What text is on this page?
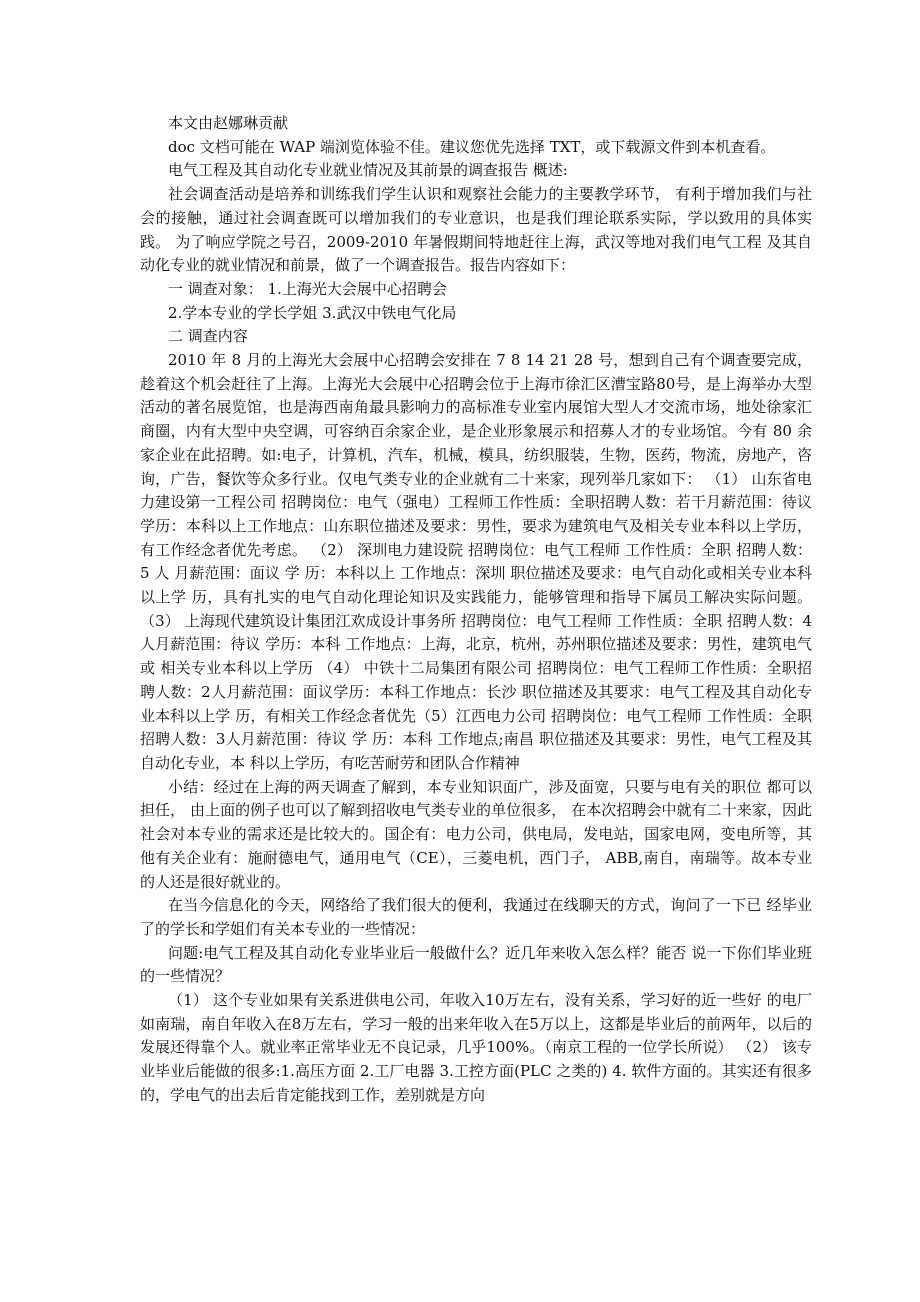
本文由赵娜琳贡献

doc 文档可能在 WAP 端浏览体验不佳。建议您优先选择 TXT，或下载源文件到本机查看。

电气工程及其自动化专业就业情况及其前景的调查报告 概述:

社会调查活动是培养和训练我们学生认识和观察社会能力的主要教学环节， 有利于增加我们与社会的接触，通过社会调查既可以增加我们的专业意识，也是我们理论联系实际，学以致用的具体实践。 为了响应学院之号召，2009-2010 年暑假期间特地赶往上海，武汉等地对我们电气工程 及其自动化专业的就业情况和前景，做了一个调查报告。报告内容如下：

一 调查对象： 1.上海光大会展中心招聘会

2.学本专业的学长学姐 3.武汉中铁电气化局

二 调查内容

2010 年 8 月的上海光大会展中心招聘会安排在 7 8 14 21 28 号，想到自己有个调查要完成，趁着这个机会赶往了上海。上海光大会展中心招聘会位于上海市徐汇区漕宝路80号，是上海举办大型活动的著名展览馆，也是海西南角最具影响力的高标准专业室内展馆大型人才交流市场，地处徐家汇商圈，内有大型中央空调，可容纳百余家企业，是企业形象展示和招募人才的专业场馆。今有 80 余家企业在此招聘。如:电子，计算机，汽车，机械，模具，纺织服装，生物，医药，物流，房地产，咨询，广告，餐饮等众多行业。仅电气类专业的企业就有二十来家，现列举几家如下： （1） 山东省电力建设第一工程公司 招聘岗位：电气（强电）工程师工作性质：全职招聘人数：若干月薪范围：待议学历：本科以上工作地点：山东职位描述及要求：男性，要求为建筑电气及相关专业本科以上学历，有工作经念者优先考虑。 （2） 深圳电力建设院 招聘岗位：电气工程师 工作性质：全职 招聘人数：5 人 月薪范围：面议 学 历：本科以上 工作地点：深圳 职位描述及要求：电气自动化或相关专业本科以上学 历，具有扎实的电气自动化理论知识及实践能力，能够管理和指导下属员工解决实际问题。 （3） 上海现代建筑设计集团江欢成设计事务所 招聘岗位：电气工程师 工作性质：全职 招聘人数：4人月薪范围：待议 学历：本科 工作地点：上海，北京，杭州，苏州职位描述及要求：男性，建筑电气或 相关专业本科以上学历 （4） 中铁十二局集团有限公司 招聘岗位：电气工程师工作性质：全职招聘人数：2人月薪范围：面议学历：本科工作地点：长沙 职位描述及其要求：电气工程及其自动化专业本科以上学 历，有相关工作经念者优先（5）江西电力公司 招聘岗位：电气工程师 工作性质：全职 招聘人数：3人月薪范围：待议 学 历：本科 工作地点;南昌 职位描述及其要求：男性，电气工程及其自动化专业，本 科以上学历，有吃苦耐劳和团队合作精神

小结：经过在上海的两天调查了解到，本专业知识面广，涉及面宽，只要与电有关的职位 都可以担任， 由上面的例子也可以了解到招收电气类专业的单位很多， 在本次招聘会中就有二十来家，因此社会对本专业的需求还是比较大的。国企有：电力公司，供电局，发电站，国家电网，变电所等，其他有关企业有：施耐德电气，通用电气（CE），三菱电机，西门子， ABB,南自，南瑞等。故本专业的人还是很好就业的。

在当今信息化的今天，网络给了我们很大的便利，我通过在线聊天的方式，询问了一下已 经毕业了的学长和学姐们有关本专业的一些情况：

问题:电气工程及其自动化专业毕业后一般做什么？近几年来收入怎么样？能否 说一下你们毕业班的一些情况？

（1） 这个专业如果有关系进供电公司，年收入10万左右，没有关系，学习好的近一些好 的电厂如南瑞，南自年收入在8万左右，学习一般的出来年收入在5万以上，这都是毕业后的前两年，以后的发展还得靠个人。就业率正常毕业无不良记录，几乎100%。（南京工程的一位学长所说） （2） 该专业毕业后能做的很多:1.高压方面 2.工厂电器 3.工控方面(PLC 之类的) 4. 软件方面的。其实还有很多的，学电气的出去后肯定能找到工作，差别就是方向
